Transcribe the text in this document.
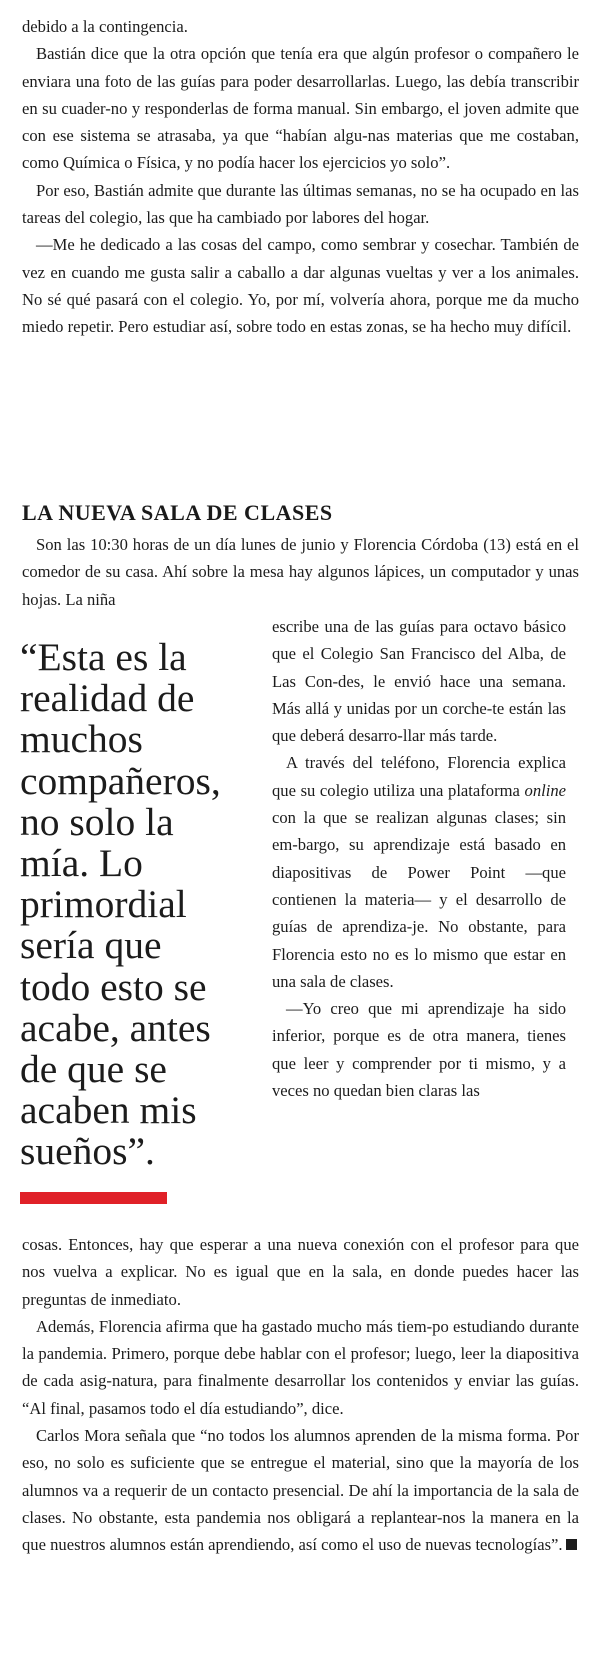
debido a la contingencia.

Bastián dice que la otra opción que tenía era que algún profesor o compañero le enviara una foto de las guías para poder desarrollarlas. Luego, las debía transcribir en su cuader-no y responderlas de forma manual. Sin embargo, el joven admite que con ese sistema se atrasaba, ya que “habían algu-nas materias que me costaban, como Química o Física, y no podía hacer los ejercicios yo solo”.

Por eso, Bastián admite que durante las últimas semanas, no se ha ocupado en las tareas del colegio, las que ha cambiado por labores del hogar.

—Me he dedicado a las cosas del campo, como sembrar y cosechar. También de vez en cuando me gusta salir a caballo a dar algunas vueltas y ver a los animales. No sé qué pasará con el colegio. Yo, por mí, volvería ahora, porque me da mucho miedo repetir. Pero estudiar así, sobre todo en estas zonas, se ha hecho muy difícil.

LA NUEVA SALA DE CLASES

Son las 10:30 horas de un día lunes de junio y Florencia Córdoba (13) está en el comedor de su casa. Ahí sobre la mesa hay algunos lápices, un computador y unas hojas. La niña

escribe una de las guías para octavo básico que el Colegio San Francisco del Alba, de Las Con-des, le envió hace una semana. Más allá y unidas por un corche-te están las que deberá desarro-llar más tarde.

A través del teléfono, Florencia explica que su colegio utiliza una plataforma online con la que se realizan algunas clases; sin em-bargo, su aprendizaje está basado en diapositivas de Power Point —que contienen la materia— y el desarrollo de guías de aprendiza-je. No obstante, para Florencia esto no es lo mismo que estar en una sala de clases.

—Yo creo que mi aprendizaje ha sido inferior, porque es de otra manera, tienes que leer y comprender por ti mismo, y a veces no quedan bien claras las

“Esta es la
realidad de
muchos
compañeros,
no solo la
mía. Lo
primordial
sería que
todo esto se
acabe, antes
de que se
acaben mis
sueños”.

cosas. Entonces, hay que esperar a una nueva conexión con el profesor para que nos vuelva a explicar. No es igual que en la sala, en donde puedes hacer las preguntas de inmediato.

Además, Florencia afirma que ha gastado mucho más tiem-po estudiando durante la pandemia. Primero, porque debe hablar con el profesor; luego, leer la diapositiva de cada asig-natura, para finalmente desarrollar los contenidos y enviar las guías. “Al final, pasamos todo el día estudiando”, dice.

Carlos Mora señala que “no todos los alumnos aprenden de la misma forma. Por eso, no solo es suficiente que se entregue el material, sino que la mayoría de los alumnos va a requerir de un contacto presencial. De ahí la importancia de la sala de clases. No obstante, esta pandemia nos obligará a replantear-nos la manera en la que nuestros alumnos están aprendiendo, así como el uso de nuevas tecnologías”.
